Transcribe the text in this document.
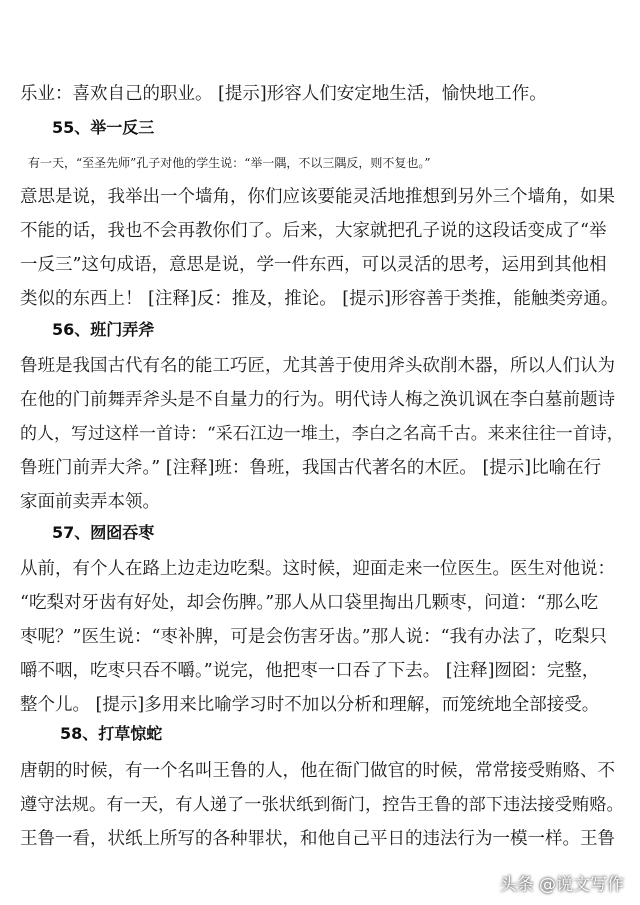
乐业：喜欢自己的职业。 [提示]形容人们安定地生活，愉快地工作。
55、举一反三
有一天，“至圣先师”孔子对他的学生说：“举一隅，不以三隅反，则不复也。”
意思是说，我举出一个墙角，你们应该要能灵活地推想到另外三个墙角，如果
不能的话，我也不会再教你们了。后来，大家就把孔子说的这段话变成了“举
一反三”这句成语，意思是说，学一件东西，可以灵活的思考，运用到其他相
类似的东西上！ [注释]反：推及，推论。 [提示]形容善于类推，能触类旁通。
56、班门弄斧
鲁班是我国古代有名的能工巧匠，尤其善于使用斧头砍削木器，所以人们认为
在他的门前舞弄斧头是不自量力的行为。明代诗人梅之涣讥讽在李白墓前题诗
的人，写过这样一首诗：“采石江边一堆土，李白之名高千古。来来往往一首诗，
鲁班门前弄大斧。” [注释]班：鲁班，我国古代著名的木匠。 [提示]比喻在行
家面前卖弄本领。
57、囫囵吞枣
从前，有个人在路上边走边吃梨。这时候，迎面走来一位医生。医生对他说：
“吃梨对牙齿有好处，却会伤脾。”那人从口袋里掏出几颗枣，问道：“那么吃
枣呢？”医生说：“枣补脾，可是会伤害牙齿。”那人说：“我有办法了，吃梨只
嚼不咽，吃枣只吞不嚼。”说完，他把枣一口吞了下去。 [注释]囫囵：完整，
整个儿。 [提示]多用来比喻学习时不加以分析和理解，而笼统地全部接受。
58、打草惊蛇
唐朝的时候，有一个名叫王鲁的人，他在衙门做官的时候，常常接受贿赂、不
遵守法规。有一天，有人递了一张状纸到衙门，控告王鲁的部下违法接受贿赂。
王鲁一看，状纸上所写的各种罪状，和他自己平日的违法行为一模一样。王鲁
头条 @说文写作
